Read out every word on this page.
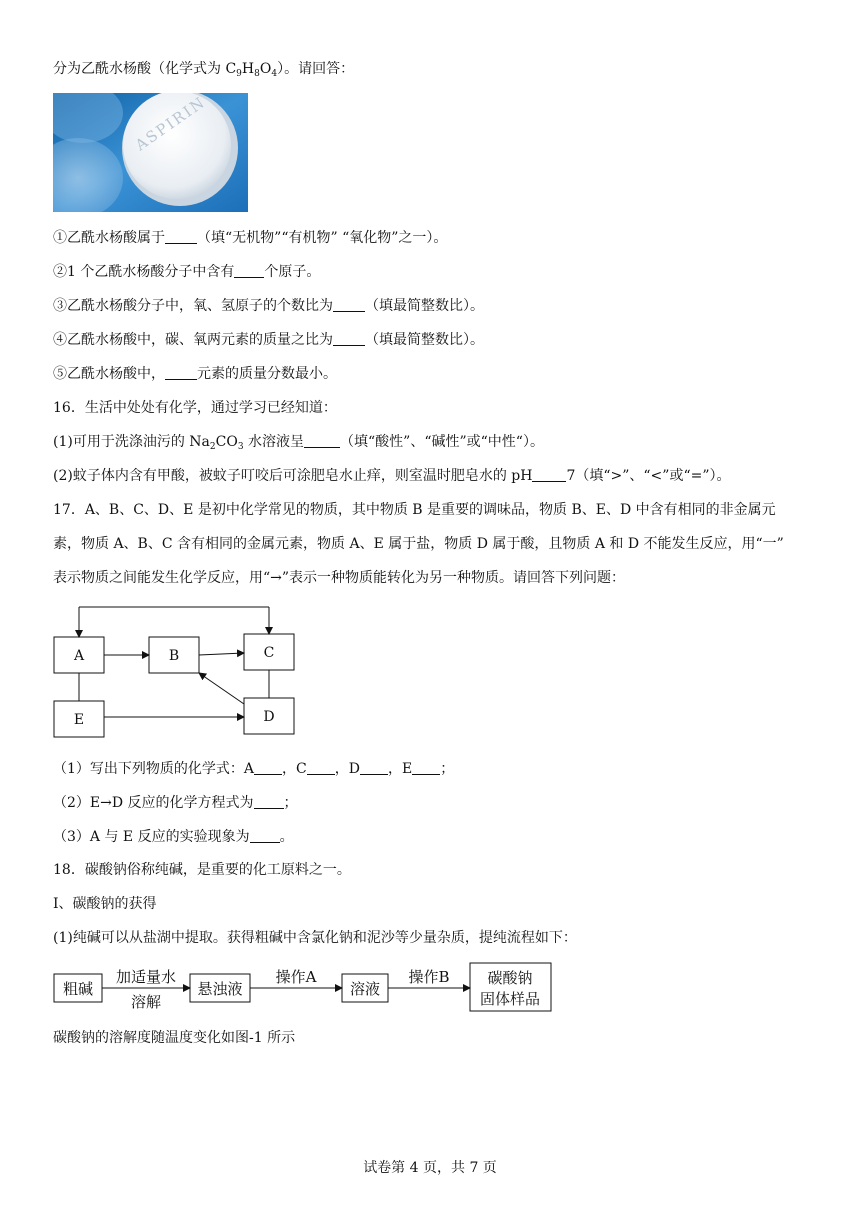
分为乙酰水杨酸（化学式为 $C_9H_8O_4$）。请回答：
ASPIRIN
①乙酰水杨酸属于 （填“无机物”“有机物” “氧化物”之一）。
②1 个乙酰水杨酸分子中含有 个原子。
③乙酰水杨酸分子中，氧、氢原子的个数比为 （填最简整数比）。
④乙酰水杨酸中，碳、氧两元素的质量之比为 （填最简整数比）。
⑤乙酰水杨酸中， 元素的质量分数最小。
16．生活中处处有化学，通过学习已经知道：
(1)可用于洗涤油污的 $Na_2CO_3$ 水溶液呈	（填“酸性”、“碱性”或“中性“）。
(2)蚊子体内含有甲酸，被蚊子叮咬后可涂肥皂水止痒，则室温时肥皂水的 pH 7（填“>”、“<”或“=”）。
17．A、B、C、D、E 是初中化学常见的物质，其中物质 B 是重要的调味品，物质 B、E、D 中含有相同的非金属元
素，物质 A、B、C 含有相同的金属元素，物质 A、E 属于盐，物质 D 属于酸，且物质 A 和 D 不能发生反应，用“一”
表示物质之间能发生化学反应，用“→”表示一种物质能转化为另一种物质。请回答下列问题：
A	B	C
E	D
（1）写出下列物质的化学式：A ，C ，D ，E ；
（2）E→D 反应的化学方程式为 ；
（3）A 与 E 反应的实验现象为 。
18．碳酸钠俗称纯碱，是重要的化工原料之一。
I、碳酸钠的获得
(1)纯碱可以从盐湖中提取。获得粗碱中含氯化钠和泥沙等少量杂质，提纯流程如下：
粗碱
加适量水
溶解
悬浊液
操作A
溶液
操作B	碳酸钠
固体样品
碳酸钠的溶解度随温度变化如图-1 所示
试卷第 4 页，共 7 页
